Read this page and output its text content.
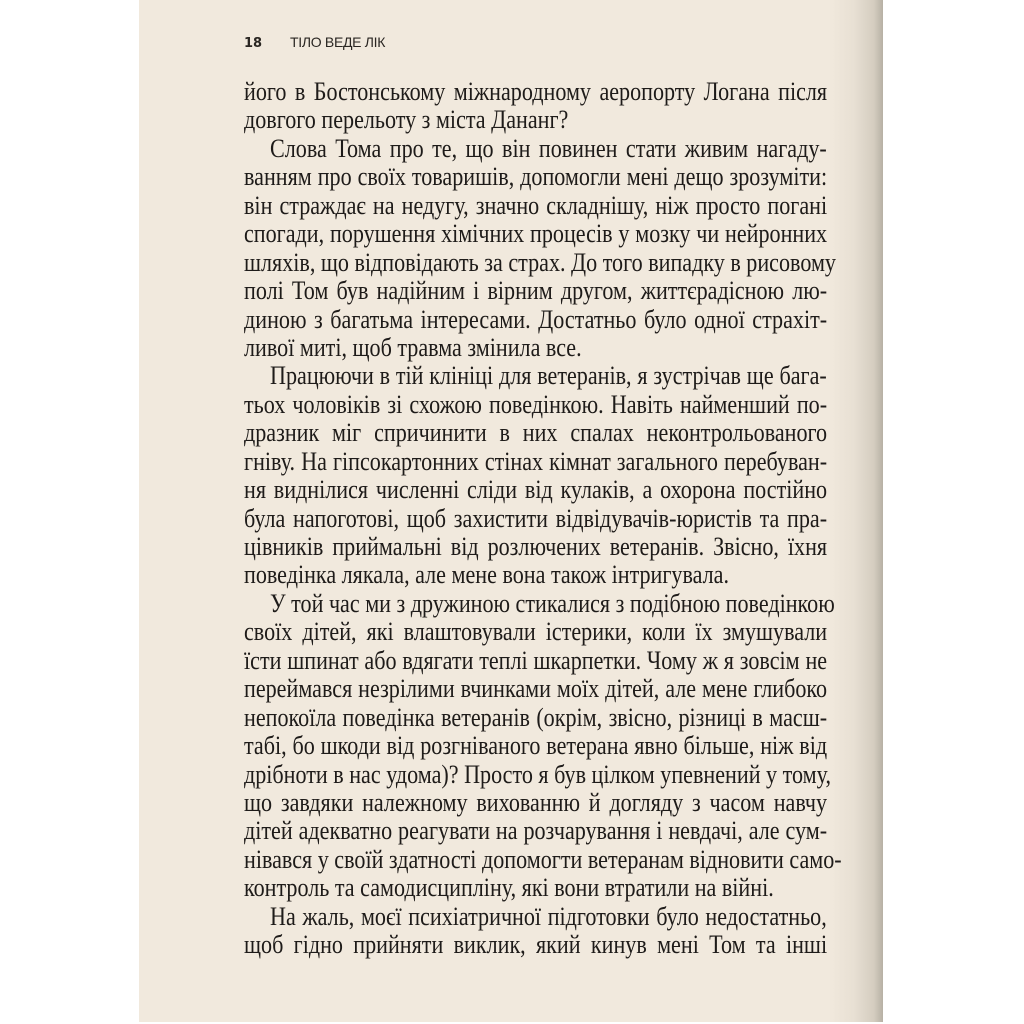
18 ТІЛО ВЕДЕ ЛІК
його в Бостонському міжнародному аеропорту Логана після
довгого перельоту з міста Дананг?
Слова Тома про те, що він повинен стати живим нагаду-
ванням про своїх товаришів, допомогли мені дещо зрозуміти:
він страждає на недугу, значно складнішу, ніж просто погані
спогади, порушення хімічних процесів у мозку чи нейронних
шляхів, що відповідають за страх. До того випадку в рисовому
полі Том був надійним і вірним другом, життєрадісною лю-
диною з багатьма інтересами. Достатньо було одної страхіт-
ливої миті, щоб травма змінила все.
Працюючи в тій клініці для ветеранів, я зустрічав ще бага-
тьох чоловіків зі схожою поведінкою. Навіть найменший по-
дразник міг спричинити в них спалах неконтрольованого
гніву. На гіпсокартонних стінах кімнат загального перебуван-
ня виднілися численні сліди від кулаків, а охорона постійно
була напоготові, щоб захистити відвідувачів-юристів та пра-
цівників приймальні від розлючених ветеранів. Звісно, їхня
поведінка лякала, але мене вона також інтригувала.
У той час ми з дружиною стикалися з подібною поведінкою
своїх дітей, які влаштовували істерики, коли їх змушували
їсти шпинат або вдягати теплі шкарпетки. Чому ж я зовсім не
переймався незрілими вчинками моїх дітей, але мене глибоко
непокоїла поведінка ветеранів (окрім, звісно, різниці в масш-
табі, бо шкоди від розгніваного ветерана явно більше, ніж від
дрібноти в нас удома)? Просто я був цілком упевнений у тому,
що завдяки належному вихованню й догляду з часом навчу
дітей адекватно реагувати на розчарування і невдачі, але сум-
нівався у своїй здатності допомогти ветеранам відновити само-
контроль та самодисципліну, які вони втратили на війні.
На жаль, моєї психіатричної підготовки було недостатньо,
щоб гідно прийняти виклик, який кинув мені Том та інші
